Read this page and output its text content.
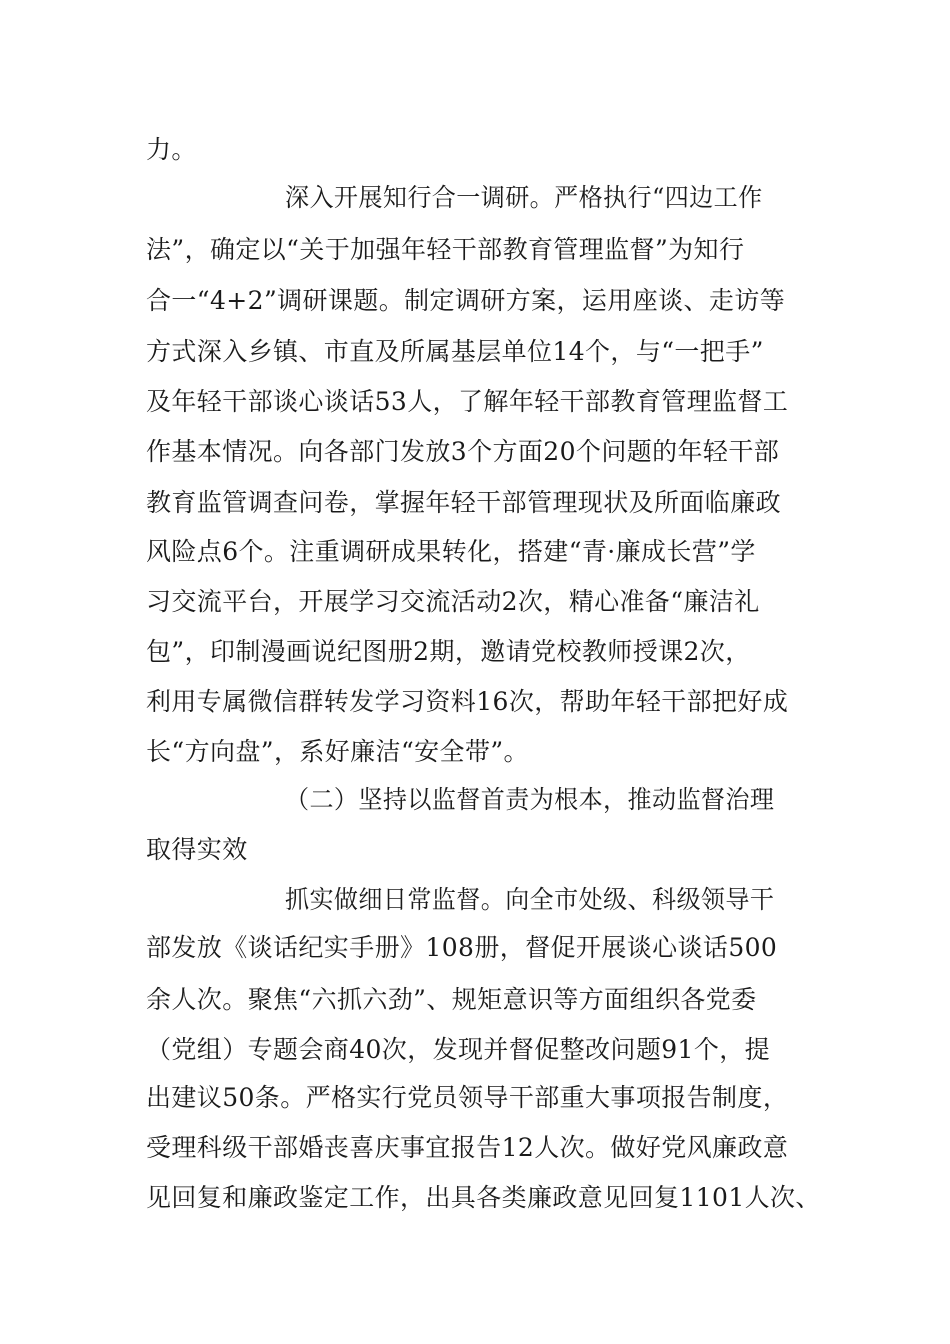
力。
深入开展知行合一调研。严格执行“四边工作
法”，确定以“关于加强年轻干部教育管理监督”为知行
合一“4+2”调研课题。制定调研方案，运用座谈、走访等
方式深入乡镇、市直及所属基层单位14个，与“一把手”
及年轻干部谈心谈话53人，了解年轻干部教育管理监督工
作基本情况。向各部门发放3个方面20个问题的年轻干部
教育监管调查问卷，掌握年轻干部管理现状及所面临廉政
风险点6个。注重调研成果转化，搭建“青·廉成长营”学
习交流平台，开展学习交流活动2次，精心准备“廉洁礼
包”，印制漫画说纪图册2期，邀请党校教师授课2次，
利用专属微信群转发学习资料16次，帮助年轻干部把好成
长“方向盘”，系好廉洁“安全带”。
（二）坚持以监督首责为根本，推动监督治理
取得实效
抓实做细日常监督。向全市处级、科级领导干
部发放《谈话纪实手册》108册，督促开展谈心谈话500
余人次。聚焦“六抓六劲”、规矩意识等方面组织各党委
（党组）专题会商40次，发现并督促整改问题91个，提
出建议50条。严格实行党员领导干部重大事项报告制度，
受理科级干部婚丧喜庆事宜报告12人次。做好党风廉政意
见回复和廉政鉴定工作，出具各类廉政意见回复1101人次、
